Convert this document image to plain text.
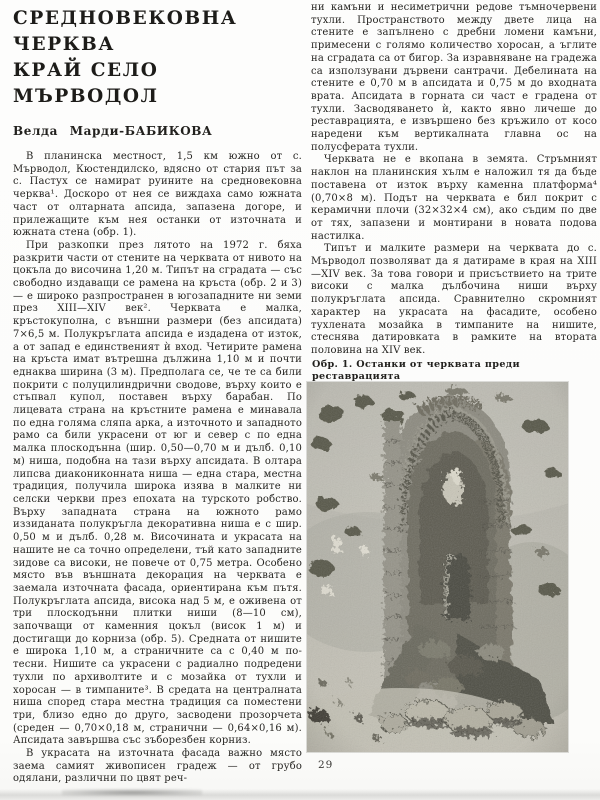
СРЕДНОВЕКОВНА ЧЕРКВА
КРАЙ СЕЛО МЪРВОДОЛ
Велда Марди-БАБИКОВА

В планинска местност, 1,5 км южно от с. Мърводол, Кюстендилско, вдясно от стария път за с. Пастух се намират руините на средновековна черква¹. Доскоро от нея се виждаха само южната част от олтарната апсида, запазена догоре, и прилежащите към нея останки от източната и южната стена (обр. 1).

При разкопки през лятото на 1972 г. бяха разкрити части от стените на черквата от нивото на цокъла до височина 1,20 м. Типът на сградата — със свободно издаващи се рамена на кръста (обр. 2 и 3) — е широко разпространен в югозападните ни земи през XIII—XIV век². Черквата е малка, кръстокуполна, с външни размери (без апсидата) 7×6,5 м. Полукръглата апсида е издадена от изток, а от запад е единственият ѝ вход. Четирите рамена на кръста имат вътрешна дължина 1,10 м и почти еднаква ширина (3 м). Предполага се, че те са били покрити с полуцилиндрични сводове, върху които е стъпвал купол, поставен върху барабан. По лицевата страна на кръстните рамена е минавала по една голяма сляпа арка, а източното и западното рамо са били украсени от юг и север с по една малка плоскодънна (шир. 0,50—0,70 м и дълб. 0,10 м) ниша, подобна на тази върху апсидата. В олтара липсва диакониконната ниша — една стара, местна традиция, получила широка изява в малките ни селски черкви през епохата на турското робство. Върху западната страна на южното рамо иззиданата полукръгла декоративна ниша е с шир. 0,50 м и дълб. 0,28 м. Височината и украсата на нашите не са точно определени, тъй като западните зидове са високи, не повече от 0,75 метра. Особено място във външната декорация на черквата е заемала източната фасада, ориентирана към пътя. Полукръглата апсида, висока над 5 м, е оживена от три плоскодънни плитки ниши (8—10 см), започващи от каменния цокъл (висок 1 м) и достигащи до корниза (обр. 5). Средната от нишите е широка 1,10 м, а страничните са с 0,40 м по-тесни. Нишите са украсени с радиално подредени тухли по архиволтите и с мозайка от тухли и хоросан — в тимпаните³. В средата на централната ниша според стара местна традиция са поместени три, близо едно до друго, засводени прозорчета (среден — 0,70×0,18 м, странични — 0,64×0,16 м). Апсидата завършва със зъборезбен корниз.

В украсата на източната фасада важно място заема самият живописен градеж — от грубо одялани, различни по цвят реч-

ни камъни и несиметрични редове тъмночервени тухли. Пространството между двете лица на стените е запълнено с дребни ломени камъни, примесени с голямо количество хоросан, а ъглите на сградата са от бигор. За изравняване на градежа са използувани дървени сантрачи. Дебелината на стените е 0,70 м в апсидата и 0,75 м до входната врата. Апсидата в горната си част е градена от тухли. Засводяването ѝ, както явно личеше до реставрацията, е извършено без кръжило от косо наредени към вертикалната главна ос на полусферата тухли.

Черквата не е вкопана в земята. Стръмният наклон на планинския хълм е наложил тя да бъде поставена от изток върху каменна платформа⁴ (0,70×8 м). Подът на черквата е бил покрит с керамични плочи (32×32×4 см), ако съдим по две от тях, запазени и монтирани в новата подова настилка.

Типът и малките размери на черквата до с. Мърводол позволяват да я датираме в края на XIII—XIV век. За това говори и присъствието на трите високи с малка дълбочина ниши върху полукръглата апсида. Сравнително скромният характер на украсата на фасадите, особено тухлената мозайка в тимпаните на нишите, стеснява датировката в рамките на втората половина на XIV век.

Обр. 1. Останки от черквата преди реставрацията
29
